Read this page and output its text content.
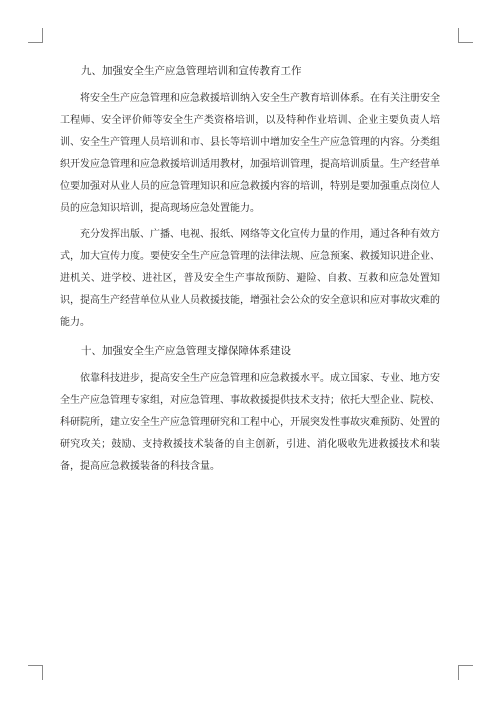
九、加强安全生产应急管理培训和宣传教育工作

将安全生产应急管理和应急救援培训纳入安全生产教育培训体系。在有关注册安全工程师、安全评价师等安全生产类资格培训，以及特种作业培训、企业主要负责人培训、安全生产管理人员培训和市、县长等培训中增加安全生产应急管理的内容。分类组织开发应急管理和应急救援培训适用教材，加强培训管理，提高培训质量。生产经营单位要加强对从业人员的应急管理知识和应急救援内容的培训，特别是要加强重点岗位人员的应急知识培训，提高现场应急处置能力。

充分发挥出版、广播、电视、报纸、网络等文化宣传力量的作用，通过各种有效方式，加大宣传力度。要使安全生产应急管理的法律法规、应急预案、救援知识进企业、进机关、进学校、进社区，普及安全生产事故预防、避险、自救、互救和应急处置知识，提高生产经营单位从业人员救援技能，增强社会公众的安全意识和应对事故灾难的能力。

十、加强安全生产应急管理支撑保障体系建设

依靠科技进步，提高安全生产应急管理和应急救援水平。成立国家、专业、地方安全生产应急管理专家组，对应急管理、事故救援提供技术支持；依托大型企业、院校、科研院所，建立安全生产应急管理研究和工程中心，开展突发性事故灾难预防、处置的研究攻关；鼓励、支持救援技术装备的自主创新，引进、消化吸收先进救援技术和装备，提高应急救援装备的科技含量。
